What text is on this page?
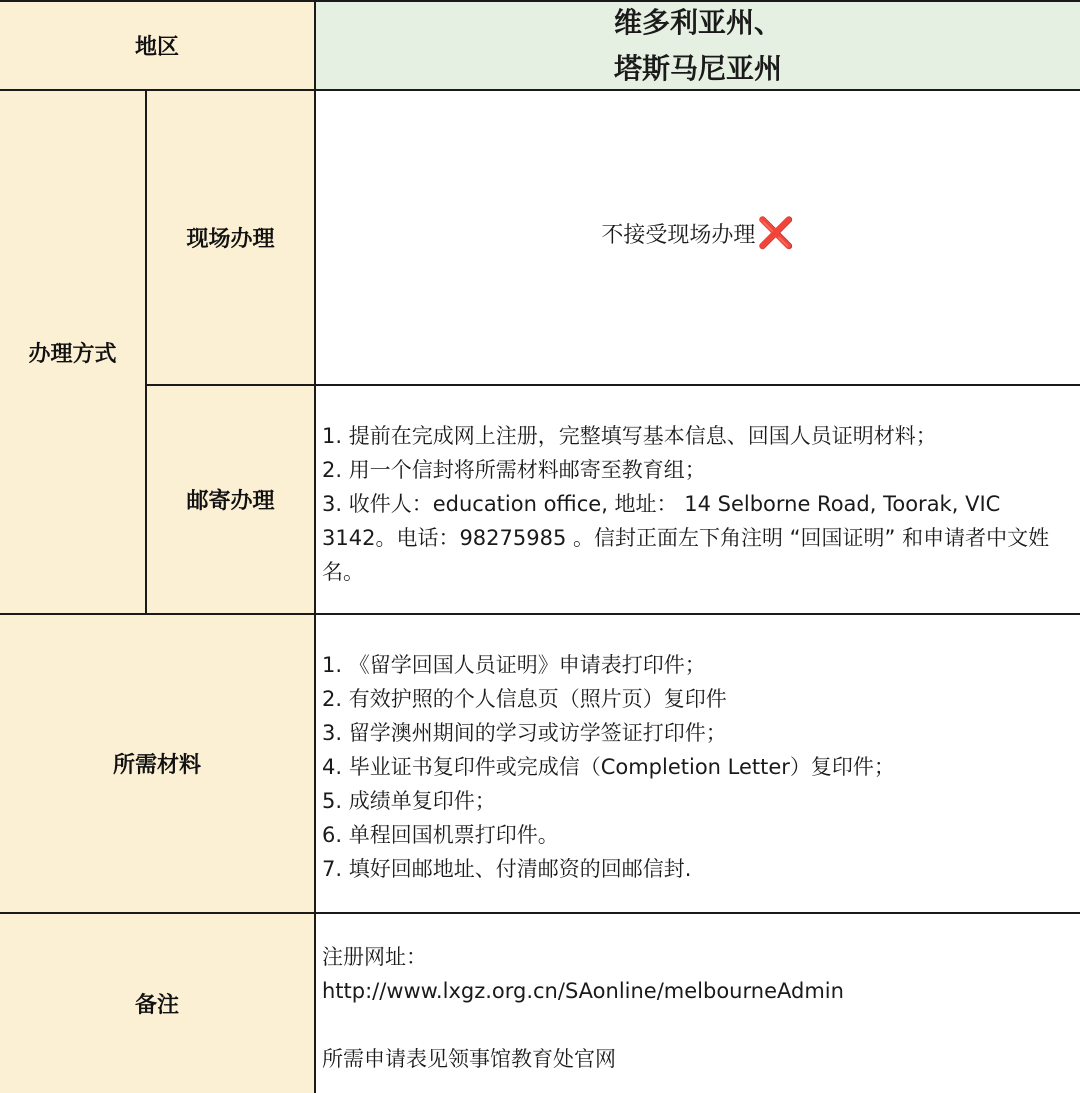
地区
维多利亚州、
塔斯马尼亚州
办理方式
现场办理	不接受现场办理 ❌
邮寄办理
1. 提前在完成网上注册，完整填写基本信息、回国人员证明材料；
2. 用一个信封将所需材料邮寄至教育组；
3. 收件人：education office, 地址： 14 Selborne Road, Toorak, VIC 3142。电话：98275985 。信封正面左下角注明 “回国证明” 和申请者中文姓名。
所需材料
1. 《留学回国人员证明》申请表打印件；
2. 有效护照的个人信息页（照片页）复印件
3. 留学澳州期间的学习或访学签证打印件；
4. 毕业证书复印件或完成信（Completion Letter）复印件；
5. 成绩单复印件；
6. 单程回国机票打印件。
7. 填好回邮地址、付清邮资的回邮信封.
备注
注册网址：
http://www.lxgz.org.cn/SAonline/melbourneAdmin
所需申请表见领事馆教育处官网
